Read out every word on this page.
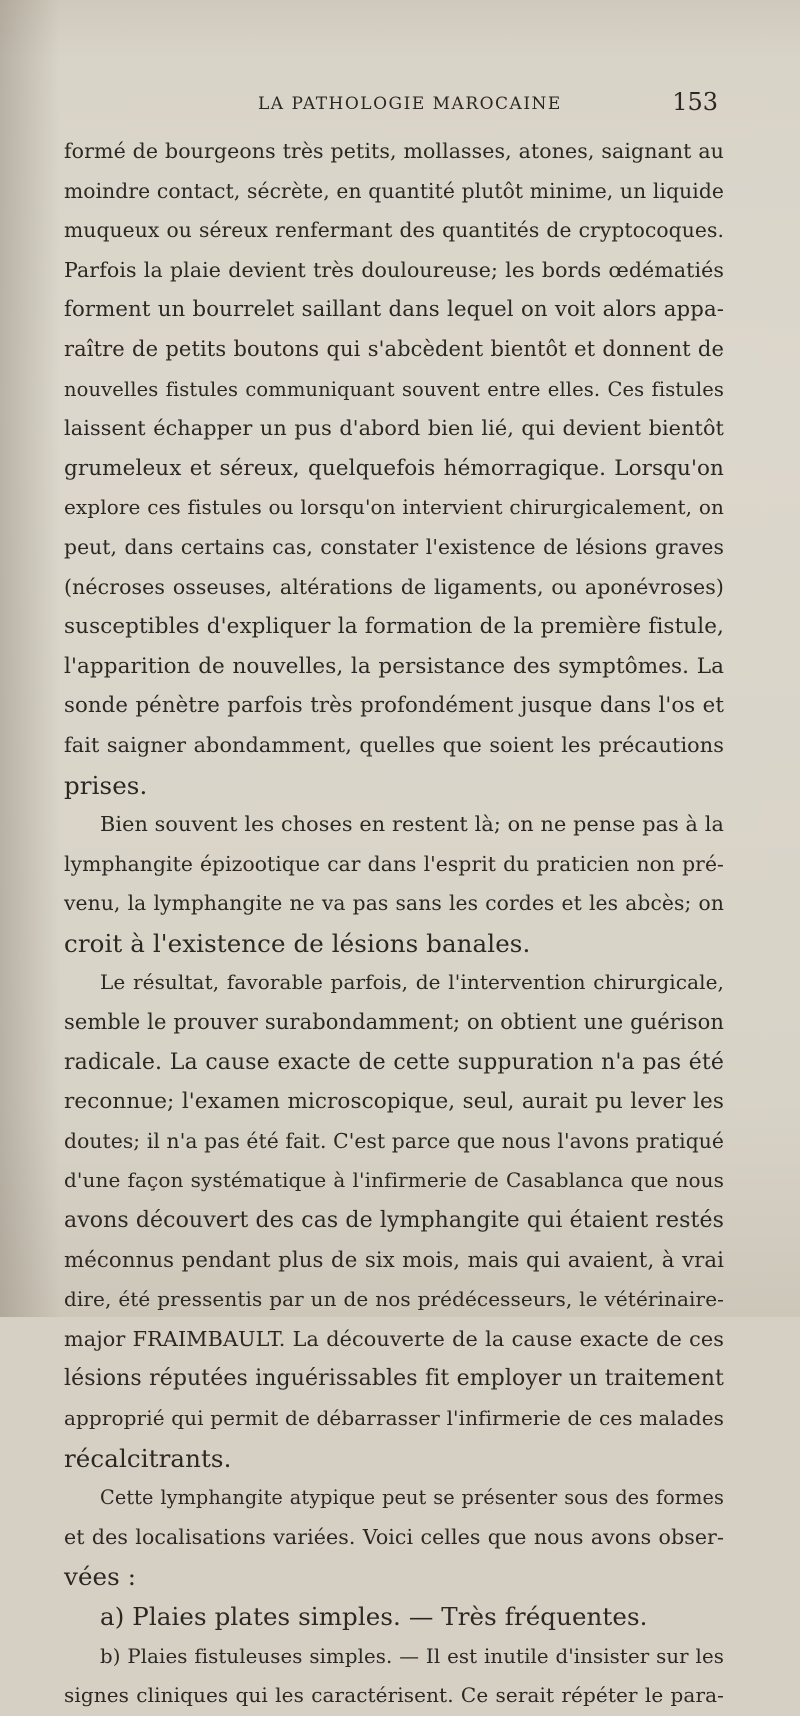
LA PATHOLOGIE MAROCAINE	153
formé de bourgeons très petits, mollasses, atones, saignant au
moindre contact, sécrète, en quantité plutôt minime, un liquide
muqueux ou séreux renfermant des quantités de cryptocoques.
Parfois la plaie devient très douloureuse; les bords œdématiés
forment un bourrelet saillant dans lequel on voit alors appa-
raître de petits boutons qui s'abcèdent bientôt et donnent de
nouvelles fistules communiquant souvent entre elles. Ces fistules
laissent échapper un pus d'abord bien lié, qui devient bientôt
grumeleux et séreux, quelquefois hémorragique. Lorsqu'on
explore ces fistules ou lorsqu'on intervient chirurgicalement, on
peut, dans certains cas, constater l'existence de lésions graves
(nécroses osseuses, altérations de ligaments, ou aponévroses)
susceptibles d'expliquer la formation de la première fistule,
l'apparition de nouvelles, la persistance des symptômes. La
sonde pénètre parfois très profondément jusque dans l'os et
fait saigner abondamment, quelles que soient les précautions
prises.
Bien souvent les choses en restent là; on ne pense pas à la
lymphangite épizootique car dans l'esprit du praticien non pré-
venu, la lymphangite ne va pas sans les cordes et les abcès; on
croit à l'existence de lésions banales.
Le résultat, favorable parfois, de l'intervention chirurgicale,
semble le prouver surabondamment; on obtient une guérison
radicale. La cause exacte de cette suppuration n'a pas été
reconnue; l'examen microscopique, seul, aurait pu lever les
doutes; il n'a pas été fait. C'est parce que nous l'avons pratiqué
d'une façon systématique à l'infirmerie de Casablanca que nous
avons découvert des cas de lymphangite qui étaient restés
méconnus pendant plus de six mois, mais qui avaient, à vrai
dire, été pressentis par un de nos prédécesseurs, le vétérinaire-
major FRAIMBAULT. La découverte de la cause exacte de ces
lésions réputées inguérissables fit employer un traitement
approprié qui permit de débarrasser l'infirmerie de ces malades
récalcitrants.
Cette lymphangite atypique peut se présenter sous des formes
et des localisations variées. Voici celles que nous avons obser-
vées :
a) Plaies plates simples. — Très fréquentes.
b) Plaies fistuleuses simples. — Il est inutile d'insister sur les
signes cliniques qui les caractérisent. Ce serait répéter le para-
